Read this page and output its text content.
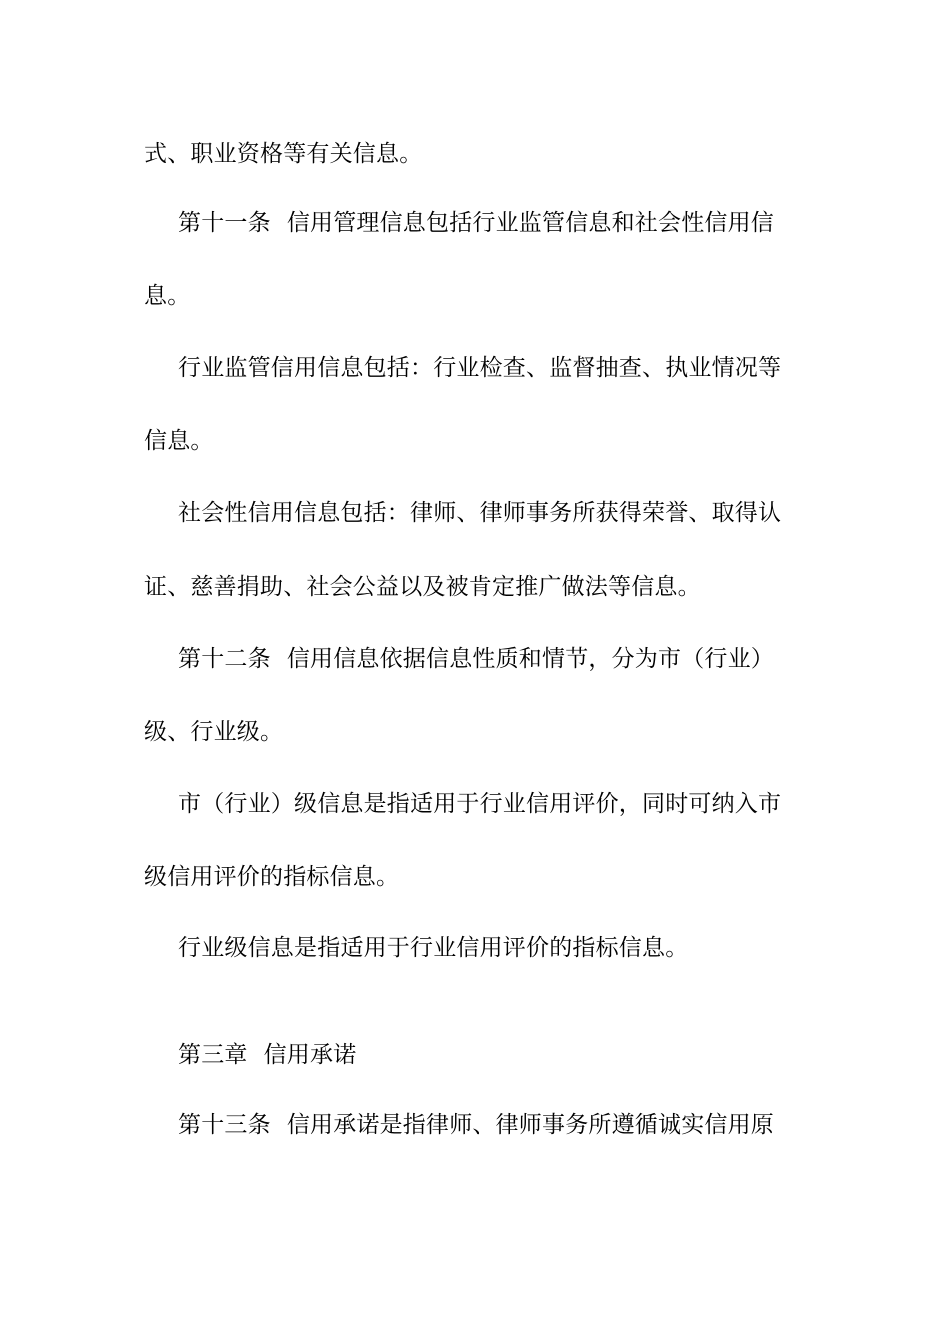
式、职业资格等有关信息。
第十一条 信用管理信息包括行业监管信息和社会性信用信
息。
行业监管信用信息包括：行业检查、监督抽查、执业情况等
信息。
社会性信用信息包括：律师、律师事务所获得荣誉、取得认
证、慈善捐助、社会公益以及被肯定推广做法等信息。
第十二条 信用信息依据信息性质和情节，分为市（行业）
级、行业级。
市（行业）级信息是指适用于行业信用评价，同时可纳入市
级信用评价的指标信息。
行业级信息是指适用于行业信用评价的指标信息。
第三章 信用承诺
第十三条 信用承诺是指律师、律师事务所遵循诚实信用原
